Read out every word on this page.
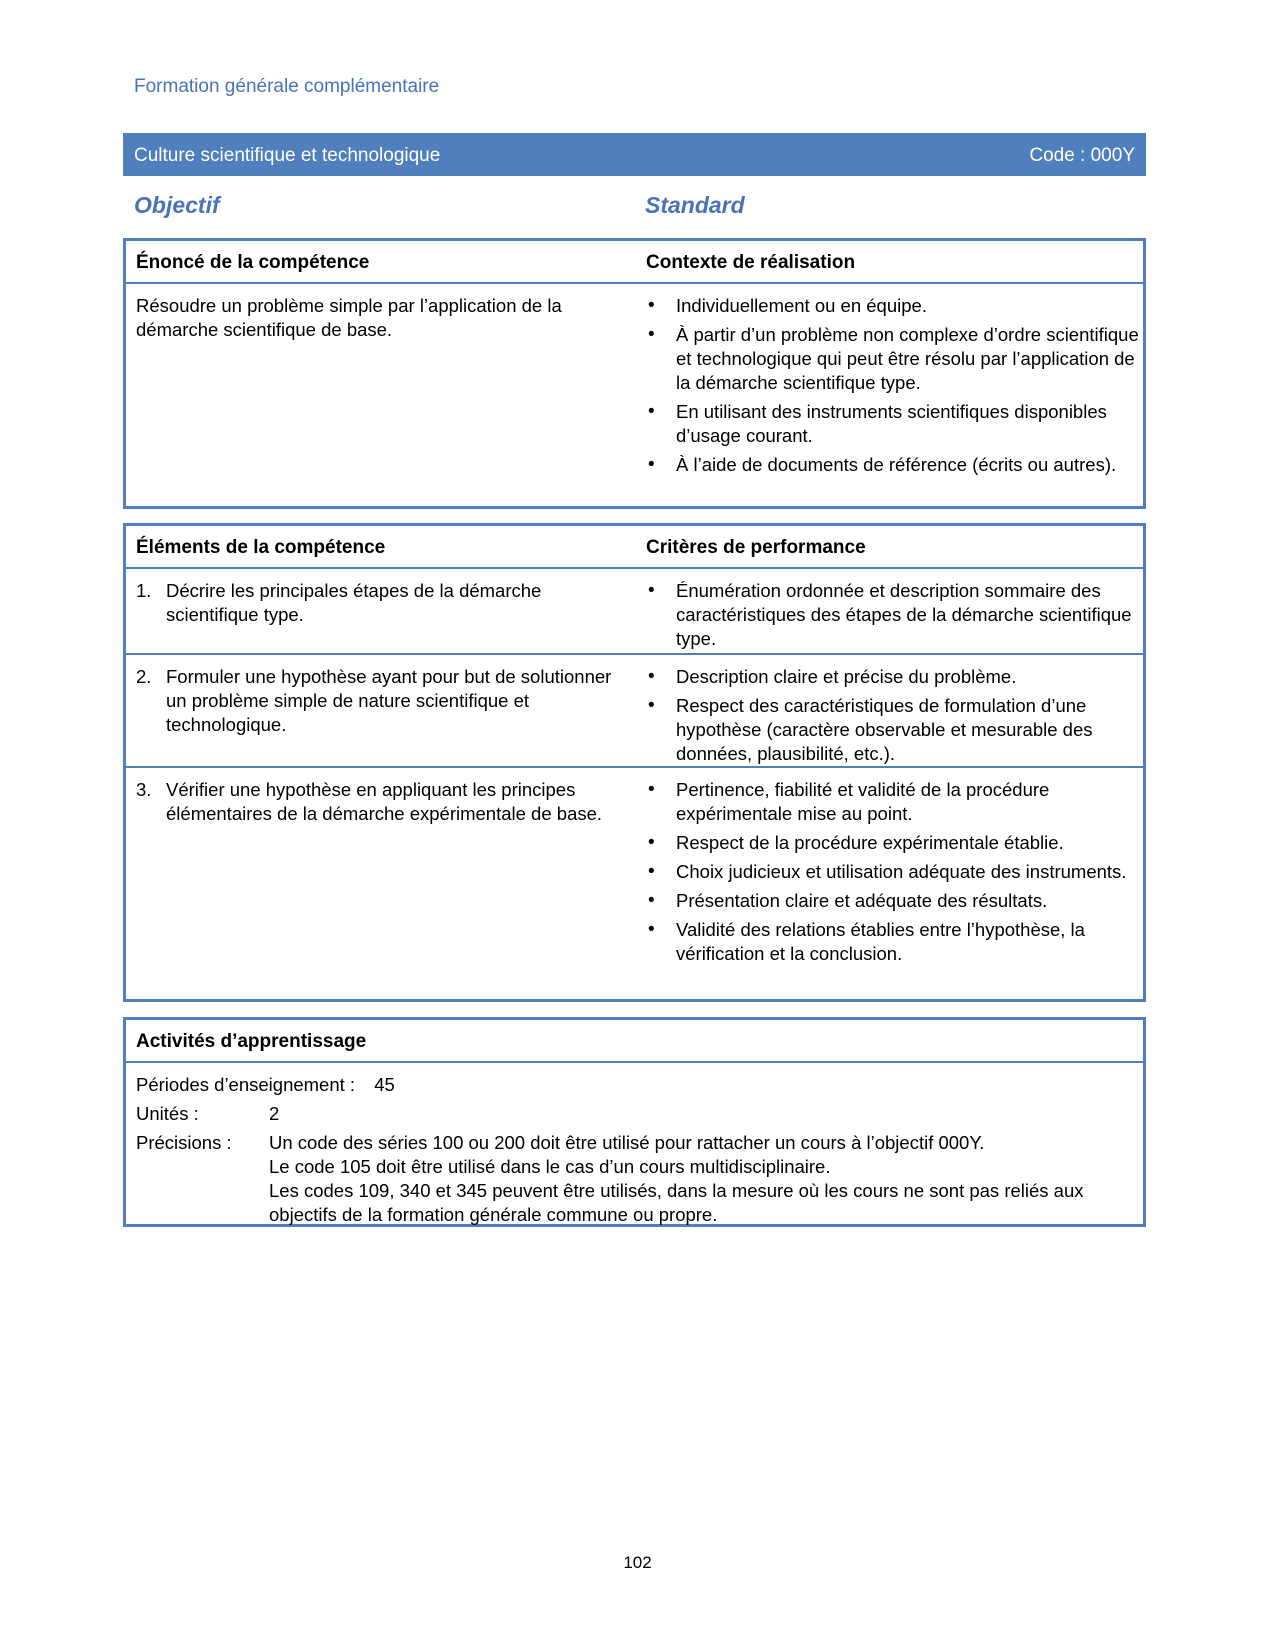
Formation générale complémentaire
Culture scientifique et technologique	Code : 000Y
Objectif	Standard
Énoncé de la compétence	Contexte de réalisation
Résoudre un problème simple par l’application de la démarche scientifique de base.
• Individuellement ou en équipe.
• À partir d’un problème non complexe d’ordre scientifique et technologique qui peut être résolu par l’application de la démarche scientifique type.
• En utilisant des instruments scientifiques disponibles d’usage courant.
• À l’aide de documents de référence (écrits ou autres).
Éléments de la compétence	Critères de performance
1. Décrire les principales étapes de la démarche scientifique type.
• Énumération ordonnée et description sommaire des caractéristiques des étapes de la démarche scientifique type.
2. Formuler une hypothèse ayant pour but de solutionner un problème simple de nature scientifique et technologique.
• Description claire et précise du problème.
• Respect des caractéristiques de formulation d’une hypothèse (caractère observable et mesurable des données, plausibilité, etc.).
3. Vérifier une hypothèse en appliquant les principes élémentaires de la démarche expérimentale de base.
• Pertinence, fiabilité et validité de la procédure expérimentale mise au point.
• Respect de la procédure expérimentale établie.
• Choix judicieux et utilisation adéquate des instruments.
• Présentation claire et adéquate des résultats.
• Validité des relations établies entre l’hypothèse, la vérification et la conclusion.
Activités d’apprentissage
Périodes d’enseignement : 45
Unités :	2
Précisions : Un code des séries 100 ou 200 doit être utilisé pour rattacher un cours à l’objectif 000Y.
Le code 105 doit être utilisé dans le cas d’un cours multidisciplinaire.
Les codes 109, 340 et 345 peuvent être utilisés, dans la mesure où les cours ne sont pas reliés aux objectifs de la formation générale commune ou propre.
102
